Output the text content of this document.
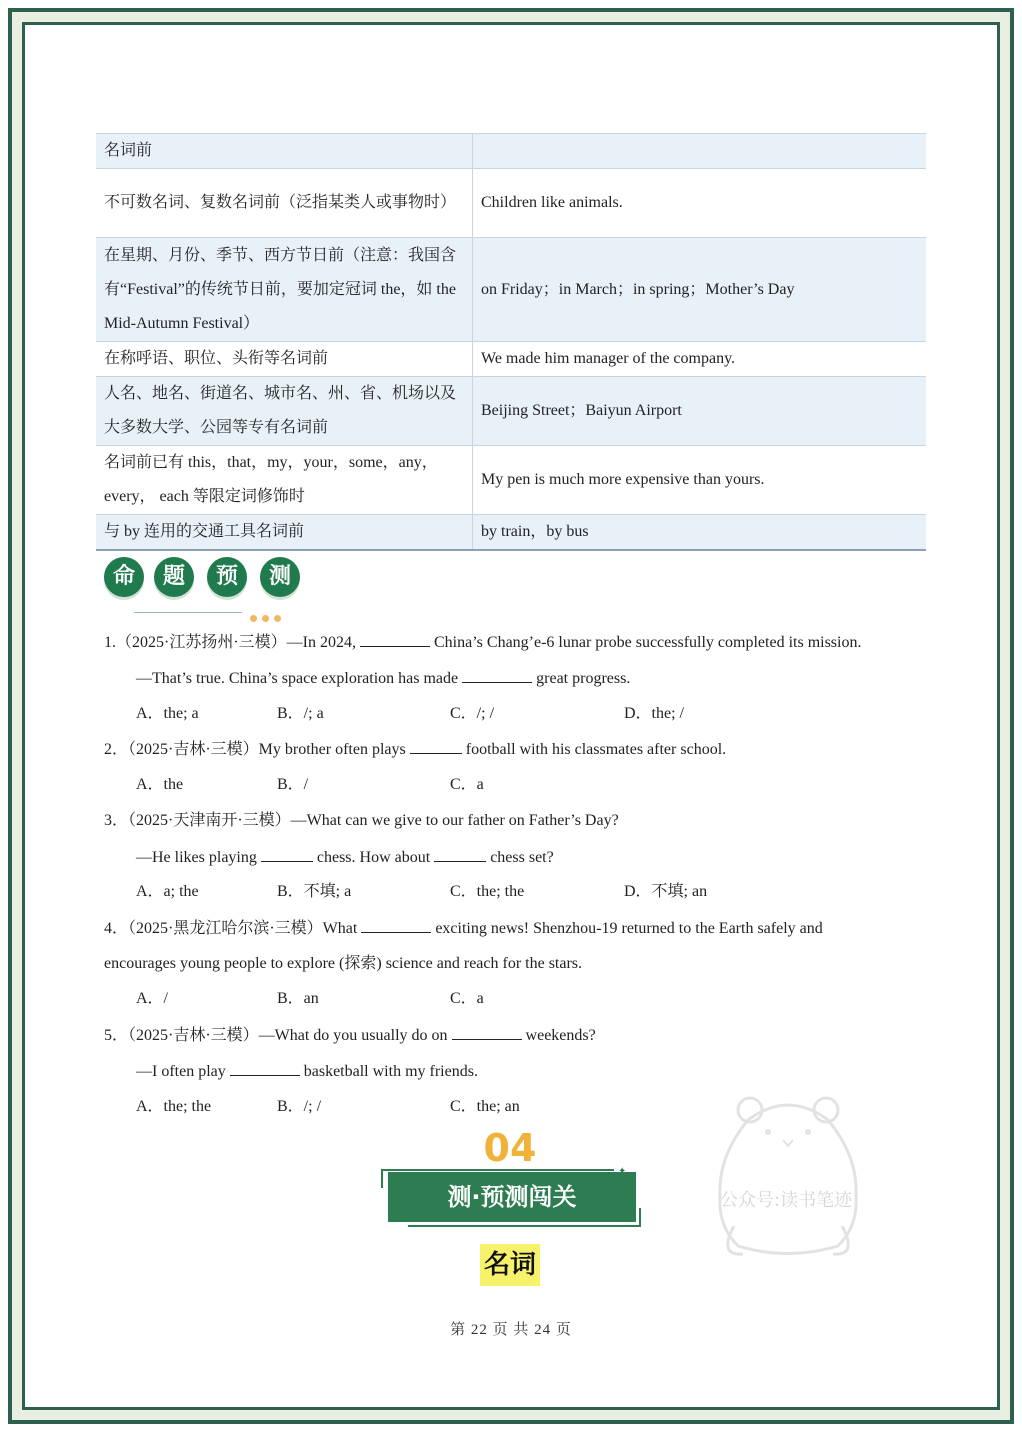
名词前	
不可数名词、复数名词前（泛指某类人或事物时）	Children like animals.
在星期、月份、季节、西方节日前（注意：我国含有“Festival”的传统节日前，要加定冠词 the，如 the Mid-Autumn Festival）	on Friday；in March；in spring；Mother’s Day
在称呼语、职位、头衔等名词前	We made him manager of the company.
人名、地名、街道名、城市名、州、省、机场以及大多数大学、公园等专有名词前	Beijing Street；Baiyun Airport
名词前已有 this，that，my，your，some，any，every， each 等限定词修饰时	My pen is much more expensive than yours.
与 by 连用的交通工具名词前	by train，by bus
命	题	预	测
1.（2025·江苏扬州·三模）—In 2024,	China’s Chang’e-6 lunar probe successfully completed its mission.
—That’s true. China’s space exploration has made	great progress.
A．the; a	B．/; a	C．/; /	D．the; /
2．（2025·吉林·三模）My brother often plays	football with his classmates after school.
A．the	B．/	C．a
3．（2025·天津南开·三模）—What can we give to our father on Father’s Day?
—He likes playing	chess. How about	chess set?
A．a; the	B．不填; a	C．the; the	D．不填; an
4．（2025·黑龙江哈尔滨·三模）What	exciting news! Shenzhou-19 returned to the Earth safely and
encourages young people to explore (探索) science and reach for the stars.
A．/	B．an	C．a
5．（2025·吉林·三模）—What do you usually do on	weekends?
—I often play	basketball with my friends.
A．the; the	B．/; /	C．the; an
公众号:读书笔迹
04
测·预测闯关
名词
第 22 页 共 24 页
